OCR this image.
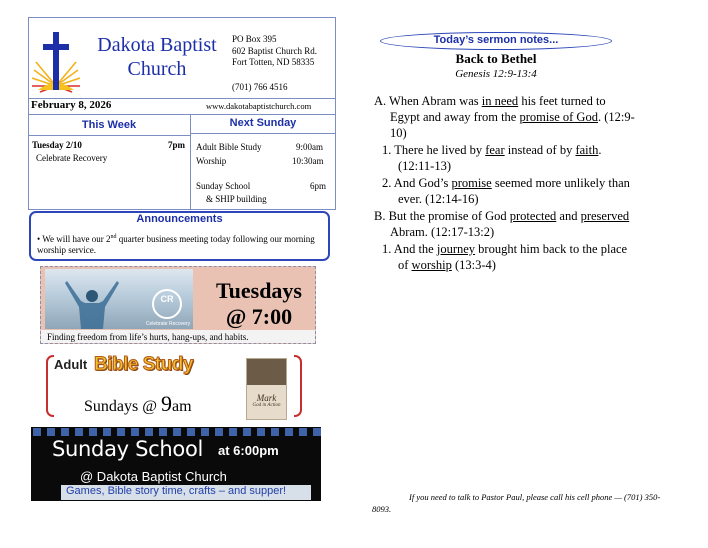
Dakota Baptist
Church
PO Box 395
602 Baptist Church Rd.
Fort Totten, ND 58335
(701) 766 4516
February 8, 2026	www.dakotabaptistchurch.com
This Week	Next Sunday
Tuesday 2/10	7pm
Celebrate Recovery
Adult Bible Study	9:00am
Worship	10:30am
Sunday School	6pm
& SHIP building
Announcements
• We will have our 2nd quarter business meeting today following our morning worship service.
CR
Celebrate Recovery
Tuesdays
@ 7:00
Finding freedom from life’s hurts, hang-ups, and habits.
Adult Bible Study
Sundays @ 9am	Mark
God in Action
Sunday School at 6:00pm
@ Dakota Baptist Church
Games, Bible story time, crafts – and supper!
Today’s sermon notes...
Back to Bethel
Genesis 12:9-13:4
A. When Abram was in need his feet turned to
Egypt and away from the promise of God. (12:9-
10)
1. There he lived by fear instead of by faith.
(12:11-13)
2. And God’s promise seemed more unlikely than
ever. (12:14-16)
B. But the promise of God protected and preserved
Abram. (12:17-13:2)
1. And the journey brought him back to the place
of worship (13:3-4)
If you need to talk to Pastor Paul, please call his cell phone — (701) 350-8093.
